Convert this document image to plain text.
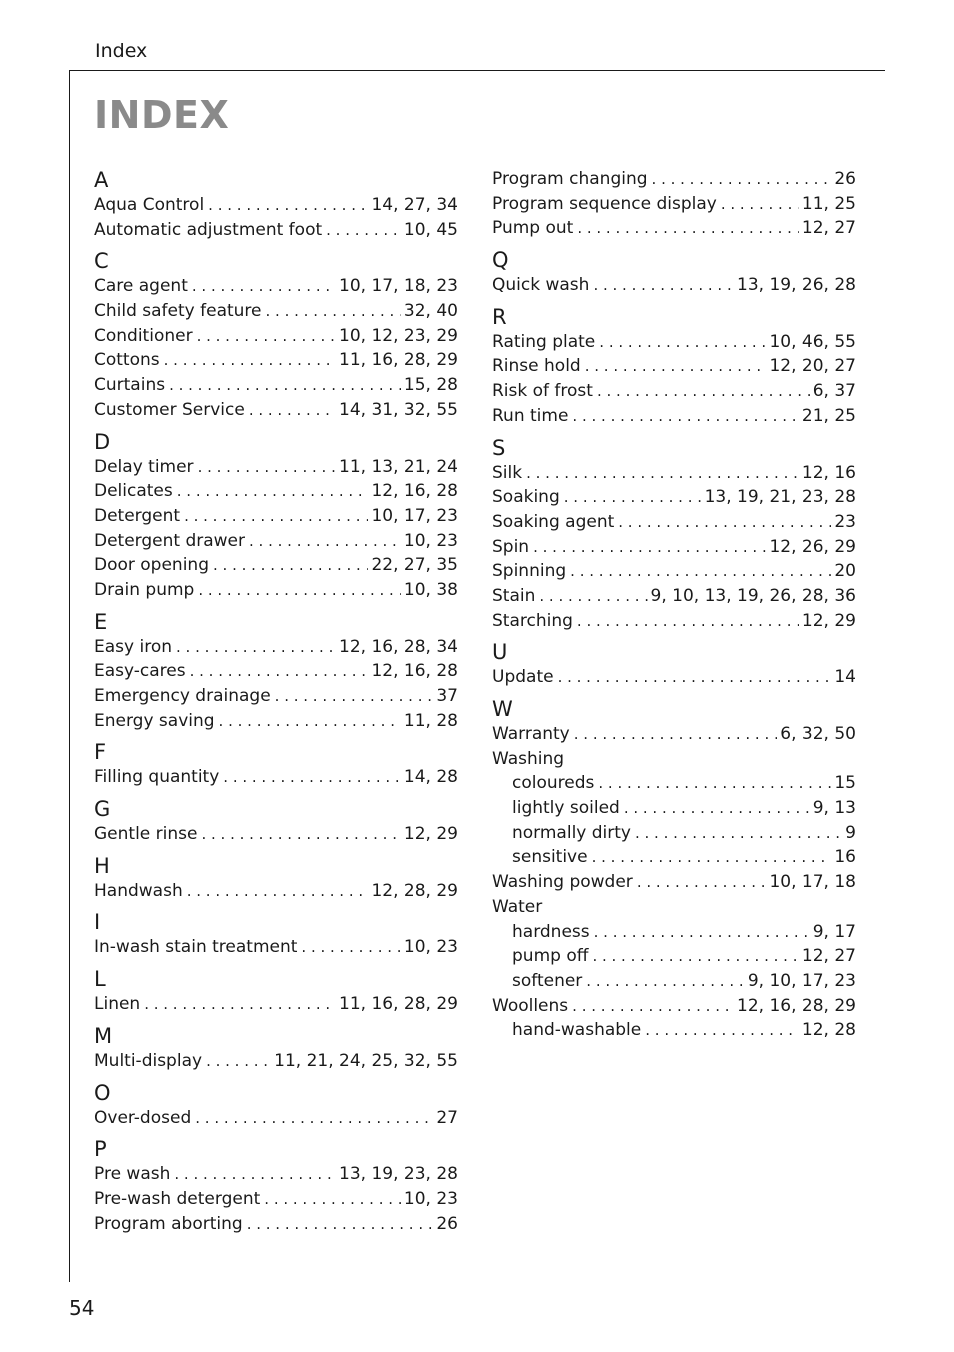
Index
INDEX
A
Aqua Control . . .	14, 27, 34
Automatic adjustment foot . . .	10, 45
C
Care agent . . .	10, 17, 18, 23
Child safety feature . . .	32, 40
Conditioner . . .	10, 12, 23, 29
Cottons . . .	11, 16, 28, 29
Curtains . . .	15, 28
Customer Service . . .	14, 31, 32, 55
D
Delay timer . . .	11, 13, 21, 24
Delicates . . .	12, 16, 28
Detergent . . .	10, 17, 23
Detergent drawer . . .	10, 23
Door opening . . .	22, 27, 35
Drain pump . . .	10, 38
E
Easy iron . . .	12, 16, 28, 34
Easy-cares . . .	12, 16, 28
Emergency drainage . . .	37
Energy saving . . .	11, 28
F
Filling quantity . . .	14, 28
G
Gentle rinse . . .	12, 29
H
Handwash . . .	12, 28, 29
I
In-wash stain treatment . . .	10, 23
L
Linen . . .	11, 16, 28, 29
M
Multi-display . . .	11, 21, 24, 25, 32, 55
O
Over-dosed . . .	27
P
Pre wash . . .	13, 19, 23, 28
Pre-wash detergent . . .	10, 23
Program aborting . . .	26
Program changing . . .	26
Program sequence display . . .	11, 25
Pump out . . .	12, 27
Q
Quick wash . . .	13, 19, 26, 28
R
Rating plate . . .	10, 46, 55
Rinse hold . . .	12, 20, 27
Risk of frost . . .	6, 37
Run time . . .	21, 25
S
Silk . . .	12, 16
Soaking . . .	13, 19, 21, 23, 28
Soaking agent . . .	23
Spin . . .	12, 26, 29
Spinning . . .	20
Stain . . .	9, 10, 13, 19, 26, 28, 36
Starching . . .	12, 29
U
Update . . .	14
W
Warranty . . .	6, 32, 50
Washing
coloureds . . .	15
lightly soiled . . .	9, 13
normally dirty . . .	9
sensitive . . .	16
Washing powder . . .	10, 17, 18
Water
hardness . . .	9, 17
pump off . . .	12, 27
softener . . .	9, 10, 17, 23
Woollens . . .	12, 16, 28, 29
hand-washable . . .	12, 28
54
